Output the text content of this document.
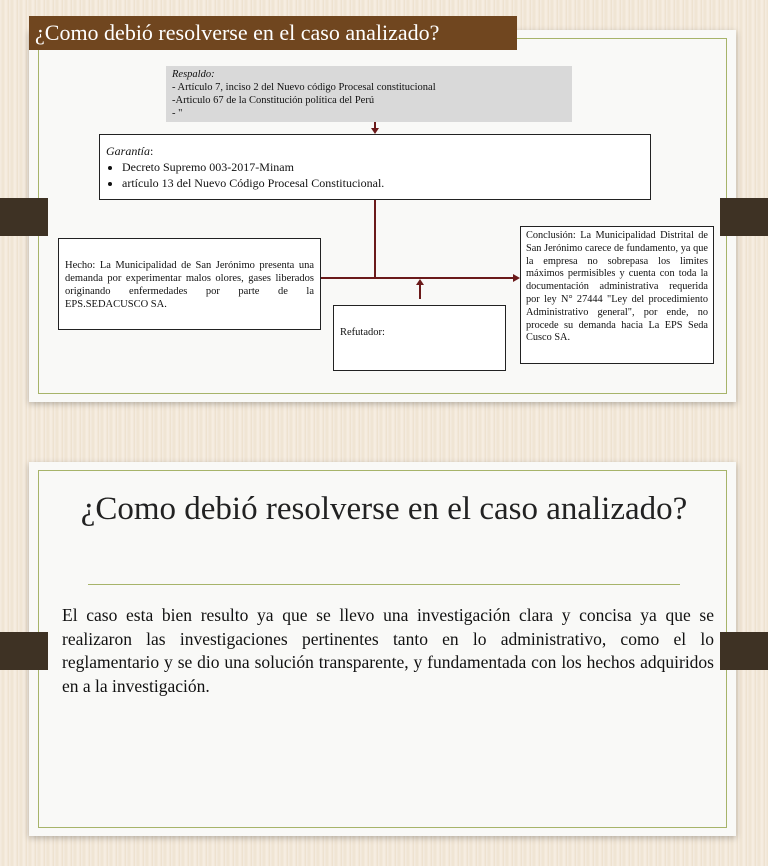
¿Como debió resolverse en el caso analizado?
Respaldo:
- Artículo 7, inciso 2 del Nuevo código Procesal constitucional
-Articulo 67 de la Constitución política del Perú
- "
Garantía:
• Decreto Supremo 003-2017-Minam
• artículo 13 del Nuevo Código Procesal Constitucional.
Hecho: La Municipalidad de San Jerónimo presenta una demanda por experimentar malos olores, gases liberados originando enfermedades por parte de la EPS.SEDACUSCO SA.
Refutador:
Conclusión: La Municipalidad Distrital de San Jerónimo carece de fundamento, ya que la empresa no sobrepasa los limites máximos permisibles y cuenta con toda la documentación administrativa requerida por ley N° 27444 "Ley del procedimiento Administrativo general", por ende, no procede su demanda hacia La EPS Seda Cusco SA.
¿Como debió resolverse en el caso analizado?
El caso esta bien resulto ya que se llevo una investigación clara y concisa ya que se realizaron las investigaciones pertinentes tanto en lo administrativo, como el lo reglamentario y se dio una solución transparente, y fundamentada con los hechos adquiridos en a la investigación.
